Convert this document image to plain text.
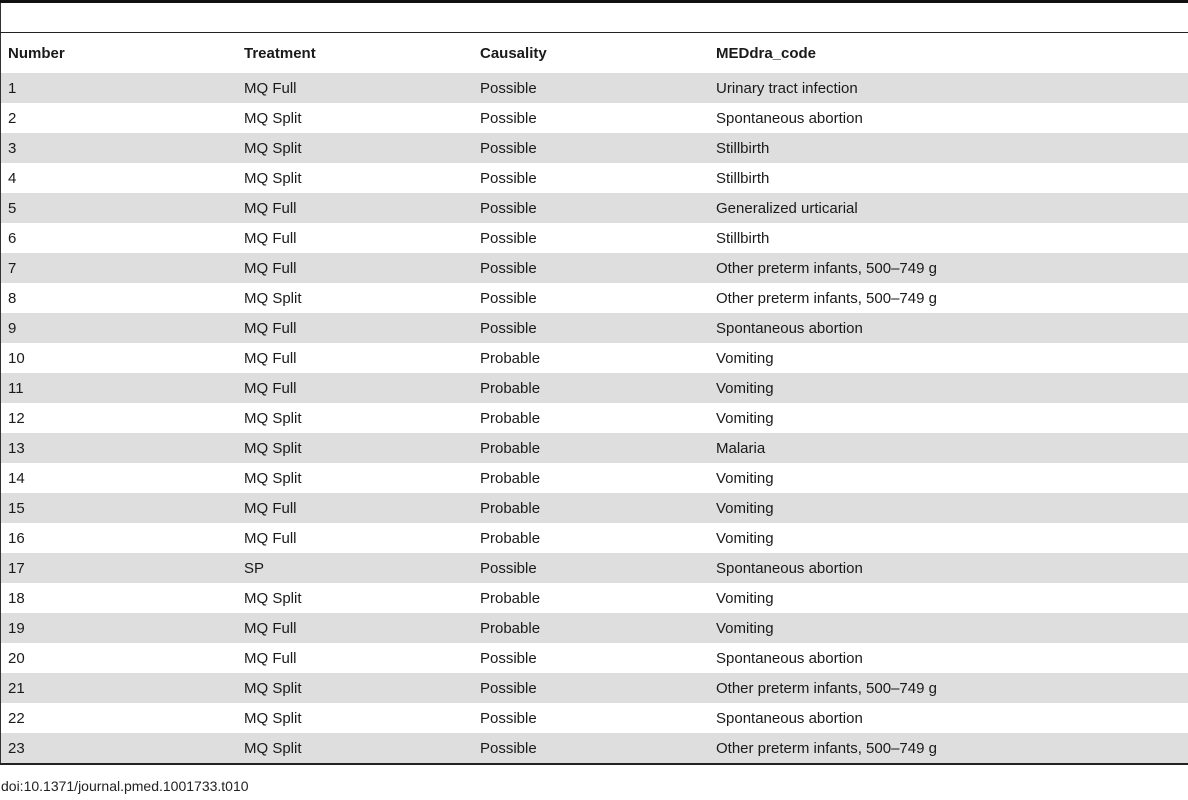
Number	Treatment	Causality	MEDdra_code
1	MQ Full	Possible	Urinary tract infection
2	MQ Split	Possible	Spontaneous abortion
3	MQ Split	Possible	Stillbirth
4	MQ Split	Possible	Stillbirth
5	MQ Full	Possible	Generalized urticarial
6	MQ Full	Possible	Stillbirth
7	MQ Full	Possible	Other preterm infants, 500–749 g
8	MQ Split	Possible	Other preterm infants, 500–749 g
9	MQ Full	Possible	Spontaneous abortion
10	MQ Full	Probable	Vomiting
11	MQ Full	Probable	Vomiting
12	MQ Split	Probable	Vomiting
13	MQ Split	Probable	Malaria
14	MQ Split	Probable	Vomiting
15	MQ Full	Probable	Vomiting
16	MQ Full	Probable	Vomiting
17	SP	Possible	Spontaneous abortion
18	MQ Split	Probable	Vomiting
19	MQ Full	Probable	Vomiting
20	MQ Full	Possible	Spontaneous abortion
21	MQ Split	Possible	Other preterm infants, 500–749 g
22	MQ Split	Possible	Spontaneous abortion
23	MQ Split	Possible	Other preterm infants, 500–749 g
doi:10.1371/journal.pmed.1001733.t010
